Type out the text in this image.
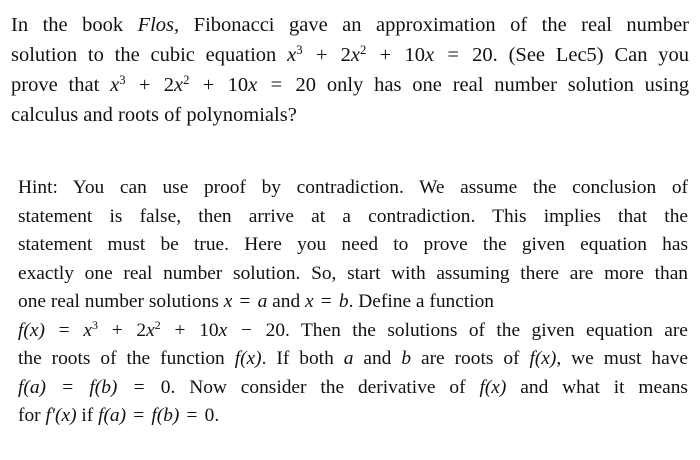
In the book Flos, Fibonacci gave an approximation of the real number
solution to the cubic equation $x^3 + 2x^2 + 10x = 20$. (See Lec5) Can you
prove that $x^3 + 2x^2 + 10x = 20$ only has one real number solution using
calculus and roots of polynomials?
Hint: You can use proof by contradiction. We assume the conclusion of
statement is false, then arrive at a contradiction. This implies that the
statement must be true. Here you need to prove the given equation has
exactly one real number solution. So, start with assuming there are more than
one real number solutions x = a and x = b. Define a function
$f(x) = x^3 + 2x^2 + 10x - 20$. Then the solutions of the given equation are
the roots of the function f(x). If both a and b are roots of f(x), we must have
f(a) = f(b) = 0. Now consider the derivative of f(x) and what it means
for f'(x) if f(a) = f(b) = 0.
